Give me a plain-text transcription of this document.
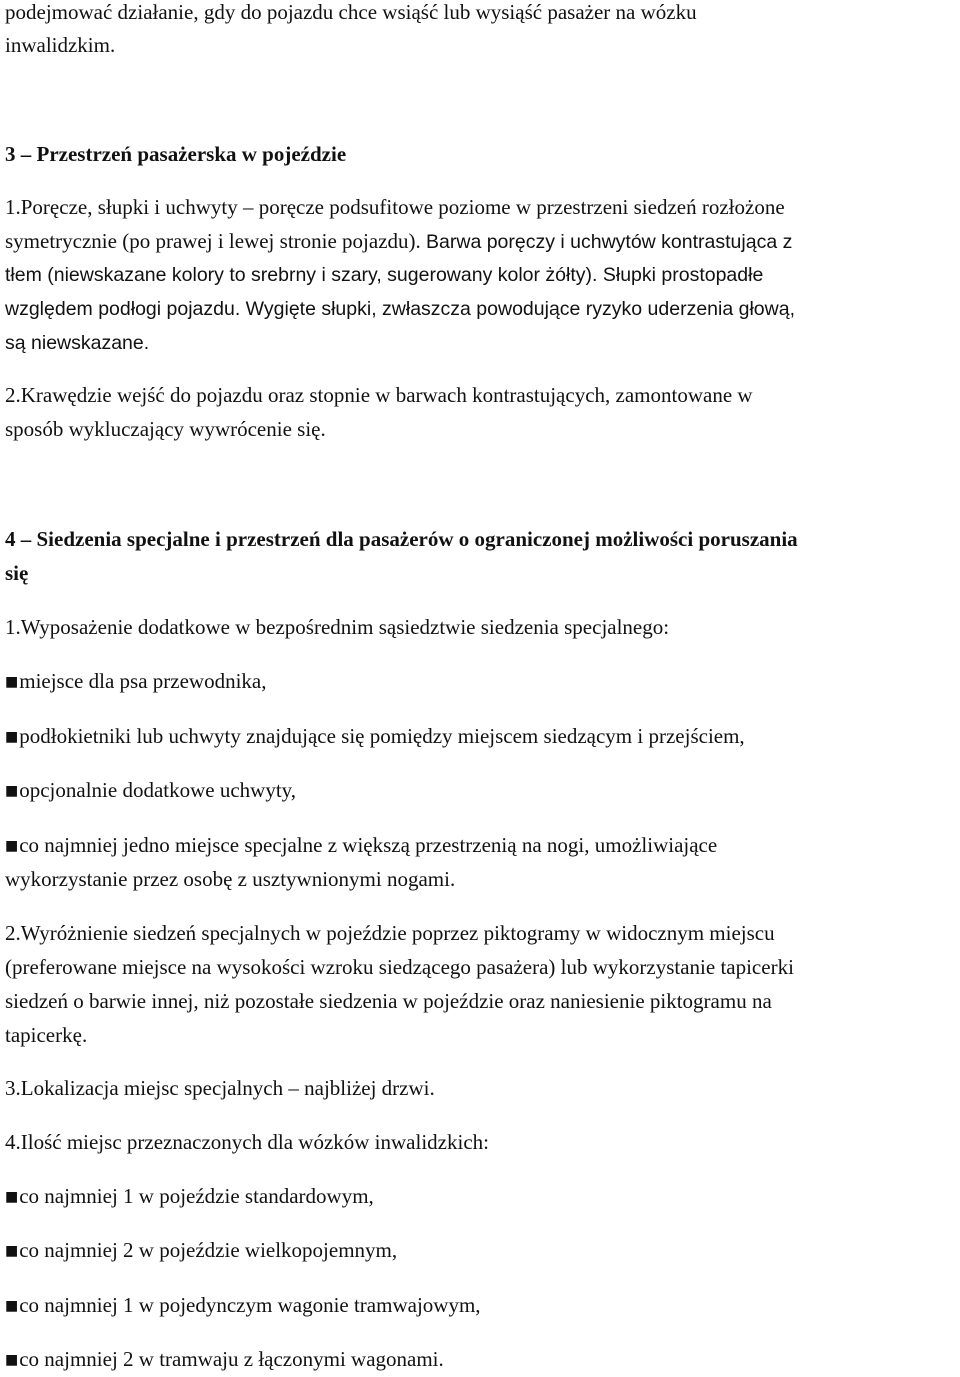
podejmować działanie, gdy do pojazdu chce wsiąść lub wysiąść pasażer na wózku
inwalidzkim.
3 – Przestrzeń pasażerska w pojeździe
1.Poręcze, słupki i uchwyty – poręcze podsufitowe poziome w przestrzeni siedzeń rozłożone
symetrycznie (po prawej i lewej stronie pojazdu). Barwa poręczy i uchwytów kontrastująca z
tłem (niewskazane kolory to srebrny i szary, sugerowany kolor żółty). Słupki prostopadłe
względem podłogi pojazdu. Wygięte słupki, zwłaszcza powodujące ryzyko uderzenia głową,
są niewskazane.
2.Krawędzie wejść do pojazdu oraz stopnie w barwach kontrastujących, zamontowane w
sposób wykluczający wywrócenie się.
4 – Siedzenia specjalne i przestrzeń dla pasażerów o ograniczonej możliwości poruszania
się
1.Wyposażenie dodatkowe w bezpośrednim sąsiedztwie siedzenia specjalnego:
■miejsce dla psa przewodnika,
■podłokietniki lub uchwyty znajdujące się pomiędzy miejscem siedzącym i przejściem,
■opcjonalnie dodatkowe uchwyty,
■co najmniej jedno miejsce specjalne z większą przestrzenią na nogi, umożliwiające
wykorzystanie przez osobę z usztywnionymi nogami.
2.Wyróżnienie siedzeń specjalnych w pojeździe poprzez piktogramy w widocznym miejscu
(preferowane miejsce na wysokości wzroku siedzącego pasażera) lub wykorzystanie tapicerki
siedzeń o barwie innej, niż pozostałe siedzenia w pojeździe oraz naniesienie piktogramu na
tapicerkę.
3.Lokalizacja miejsc specjalnych – najbliżej drzwi.
4.Ilość miejsc przeznaczonych dla wózków inwalidzkich:
■co najmniej 1 w pojeździe standardowym,
■co najmniej 2 w pojeździe wielkopojemnym,
■co najmniej 1 w pojedynczym wagonie tramwajowym,
■co najmniej 2 w tramwaju z łączonymi wagonami.
